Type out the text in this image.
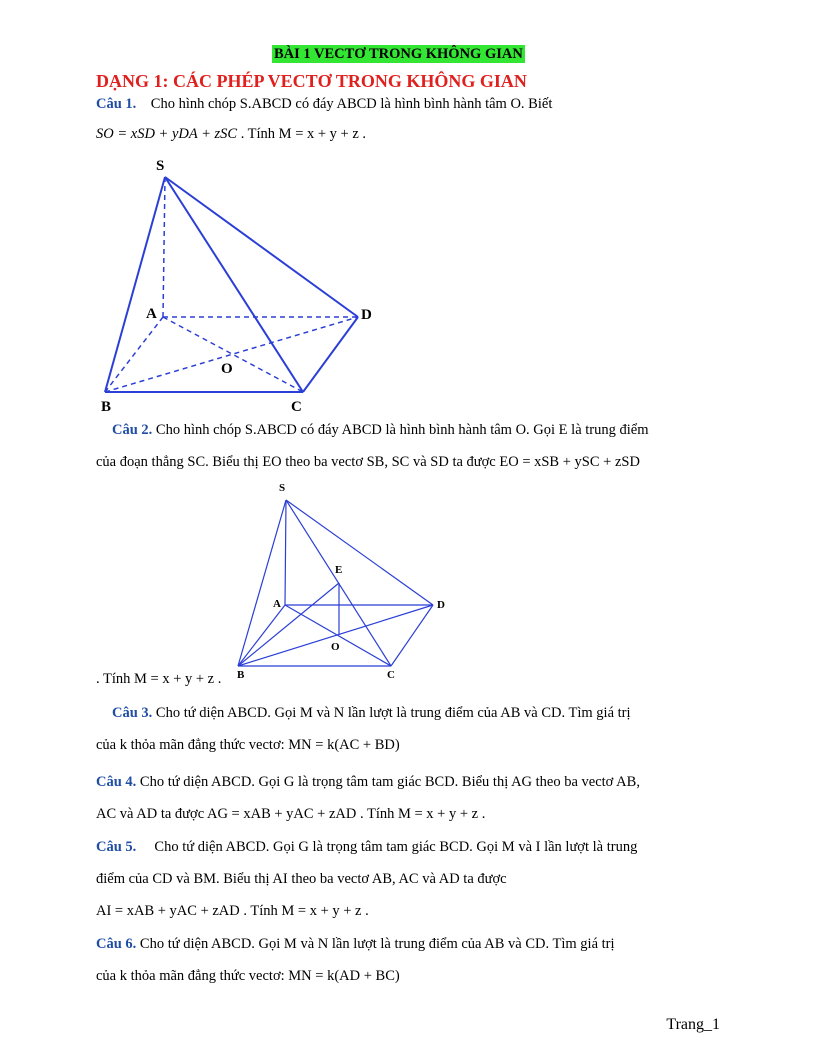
BÀI 1 VECTƠ TRONG KHÔNG GIAN
DẠNG 1: CÁC PHÉP VECTƠ TRONG KHÔNG GIAN
Câu 1. Cho hình chóp S.ABCD có đáy ABCD là hình bình hành tâm O. Biết
SO = xSD + yDA + zSC . Tính M = x + y + z .
S
A	D
O
B	C
Câu 2. Cho hình chóp S.ABCD có đáy ABCD là hình bình hành tâm O. Gọi E là trung điểm
của đoạn thẳng SC. Biểu thị EO theo ba vectơ SB, SC và SD ta được EO = xSB + ySC + zSD
S
E
A	D
O
B	C
. Tính M = x + y + z .
Câu 3. Cho tứ diện ABCD. Gọi M và N lần lượt là trung điểm của AB và CD. Tìm giá trị
của k thỏa mãn đẳng thức vectơ: MN = k(AC + BD)
Câu 4. Cho tứ diện ABCD. Gọi G là trọng tâm tam giác BCD. Biểu thị AG theo ba vectơ AB,
AC và AD ta được AG = xAB + yAC + zAD . Tính M = x + y + z .
Câu 5. Cho tứ diện ABCD. Gọi G là trọng tâm tam giác BCD. Gọi M và I lần lượt là trung
điểm của CD và BM. Biểu thị AI theo ba vectơ AB, AC và AD ta được
AI = xAB + yAC + zAD . Tính M = x + y + z .
Câu 6. Cho tứ diện ABCD. Gọi M và N lần lượt là trung điểm của AB và CD. Tìm giá trị
của k thỏa mãn đẳng thức vectơ: MN = k(AD + BC)
Trang_1
